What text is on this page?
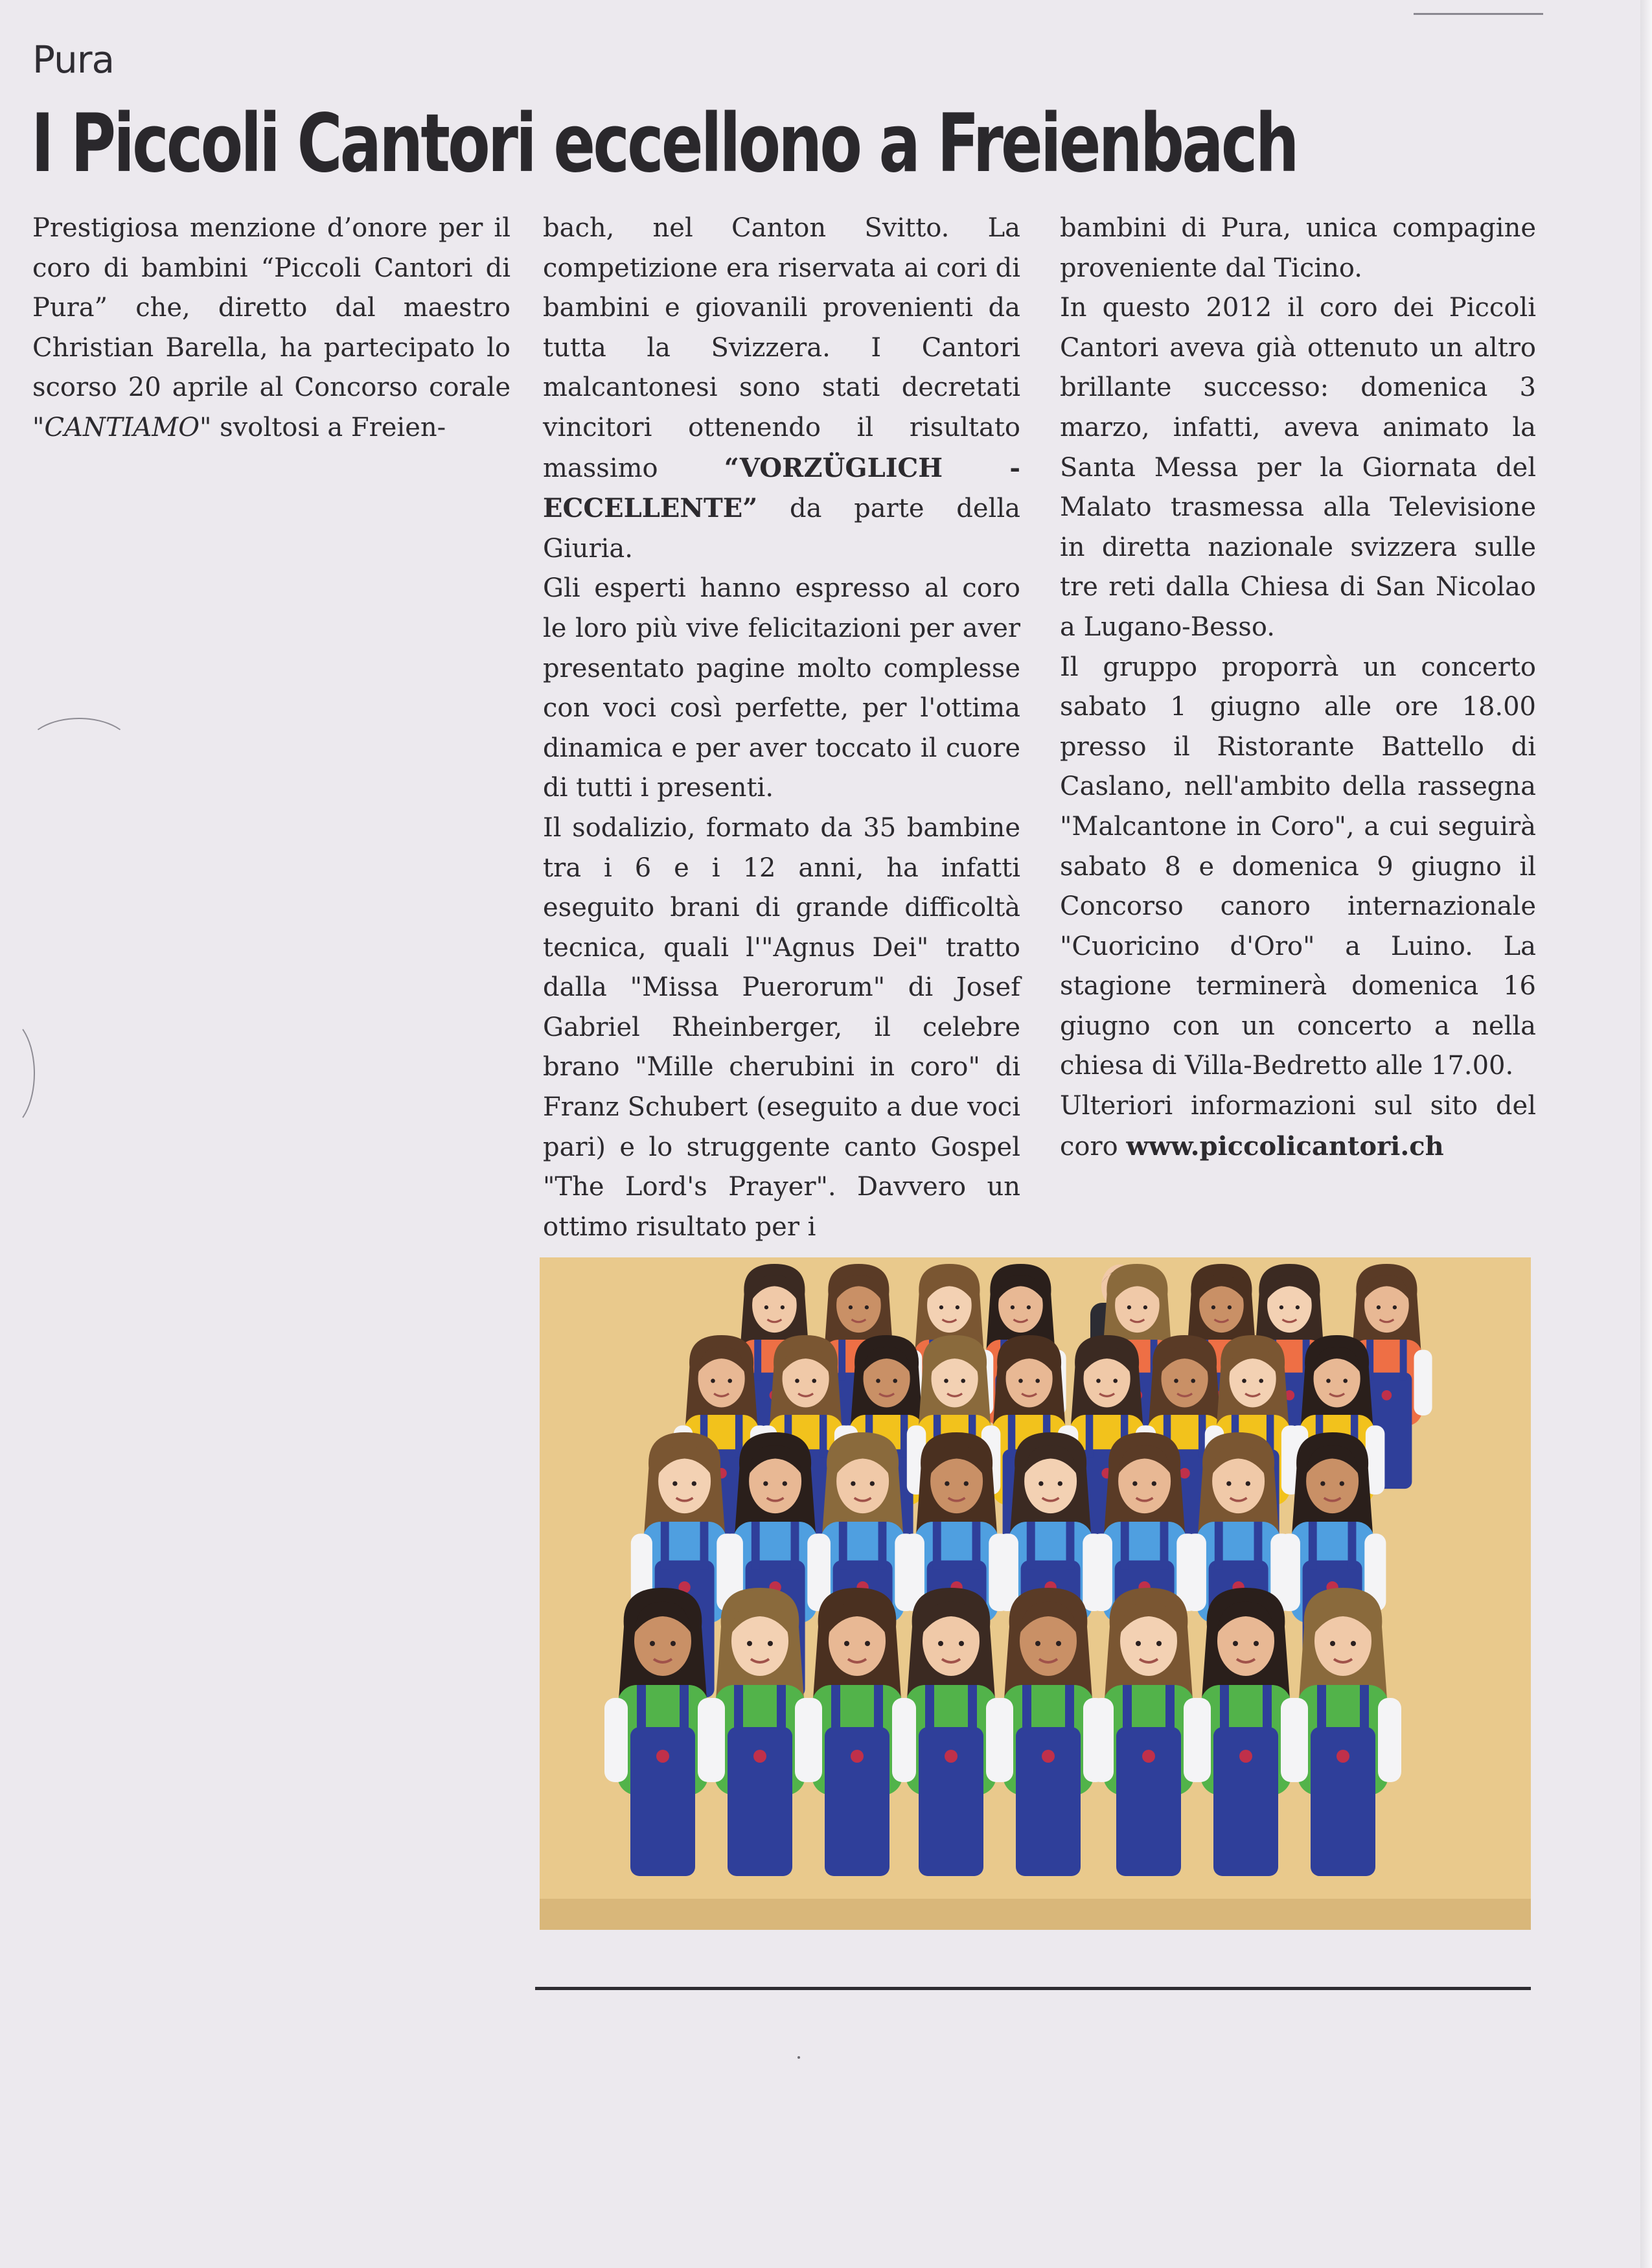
Pura
I Piccoli Cantori eccellono a Freienbach

Prestigiosa menzione d’onore per il coro di bambini “Piccoli Cantori di Pura” che, diretto dal maestro Christian Barella, ha partecipato lo scorso 20 aprile al Concorso corale "CANTIAMO" svoltosi a Freien-

bach, nel Canton Svitto. La competizione era riservata ai cori di bambini e giovanili provenienti da tutta la Svizzera. I Cantori malcantonesi sono stati decretati vincitori ottenendo il risultato massimo “VORZÜGLICH - ECCELLENTE” da parte della Giuria.

Gli esperti hanno espresso al coro le loro più vive felicitazioni per aver presentato pagine molto complesse con voci così perfette, per l'ottima dinamica e per aver toccato il cuore di tutti i presenti.

Il sodalizio, formato da 35 bambine tra i 6 e i 12 anni, ha infatti eseguito brani di grande difficoltà tecnica, quali l'"Agnus Dei" tratto dalla "Missa Puerorum" di Josef Gabriel Rheinberger, il celebre brano "Mille cherubini in coro" di Franz Schubert (eseguito a due voci pari) e lo struggente canto Gospel "The Lord's Prayer". Davvero un ottimo risultato per i

bambini di Pura, unica compagine proveniente dal Ticino.

In questo 2012 il coro dei Piccoli Cantori aveva già ottenuto un altro brillante successo: domenica 3 marzo, infatti, aveva animato la Santa Messa per la Giornata del Malato trasmessa alla Televisione in diretta nazionale svizzera sulle tre reti dalla Chiesa di San Nicolao a Lugano-Besso.

Il gruppo proporrà un concerto sabato 1 giugno alle ore 18.00 presso il Ristorante Battello di Caslano, nell'ambito della rassegna "Malcantone in Coro", a cui seguirà sabato 8 e domenica 9 giugno il Concorso canoro internazionale "Cuoricino d'Oro" a Luino. La stagione terminerà domenica 16 giugno con un concerto a nella chiesa di Villa-Bedretto alle 17.00.

Ulteriori informazioni sul sito del coro www.piccolicantori.ch
